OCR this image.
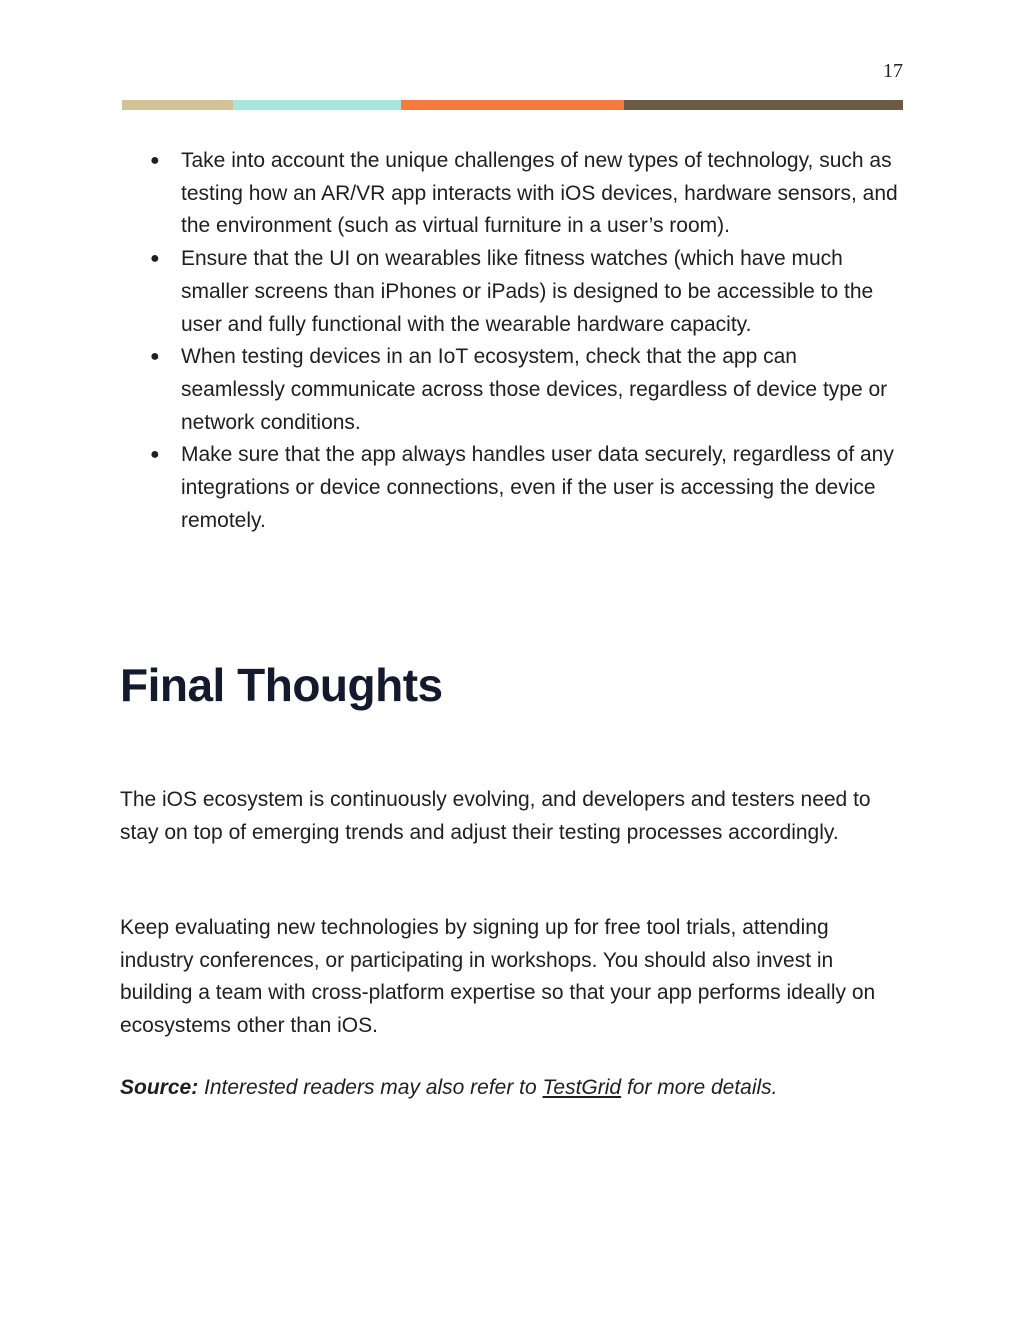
17
● Take into account the unique challenges of new types of technology, such as testing how an AR/VR app interacts with iOS devices, hardware sensors, and the environment (such as virtual furniture in a user’s room).
● Ensure that the UI on wearables like fitness watches (which have much smaller screens than iPhones or iPads) is designed to be accessible to the user and fully functional with the wearable hardware capacity.
● When testing devices in an IoT ecosystem, check that the app can seamlessly communicate across those devices, regardless of device type or network conditions.
● Make sure that the app always handles user data securely, regardless of any integrations or device connections, even if the user is accessing the device remotely.
Final Thoughts

The iOS ecosystem is continuously evolving, and developers and testers need to stay on top of emerging trends and adjust their testing processes accordingly.

Keep evaluating new technologies by signing up for free tool trials, attending industry conferences, or participating in workshops. You should also invest in building a team with cross-platform expertise so that your app performs ideally on ecosystems other than iOS.

Source: Interested readers may also refer to TestGrid for more details.
